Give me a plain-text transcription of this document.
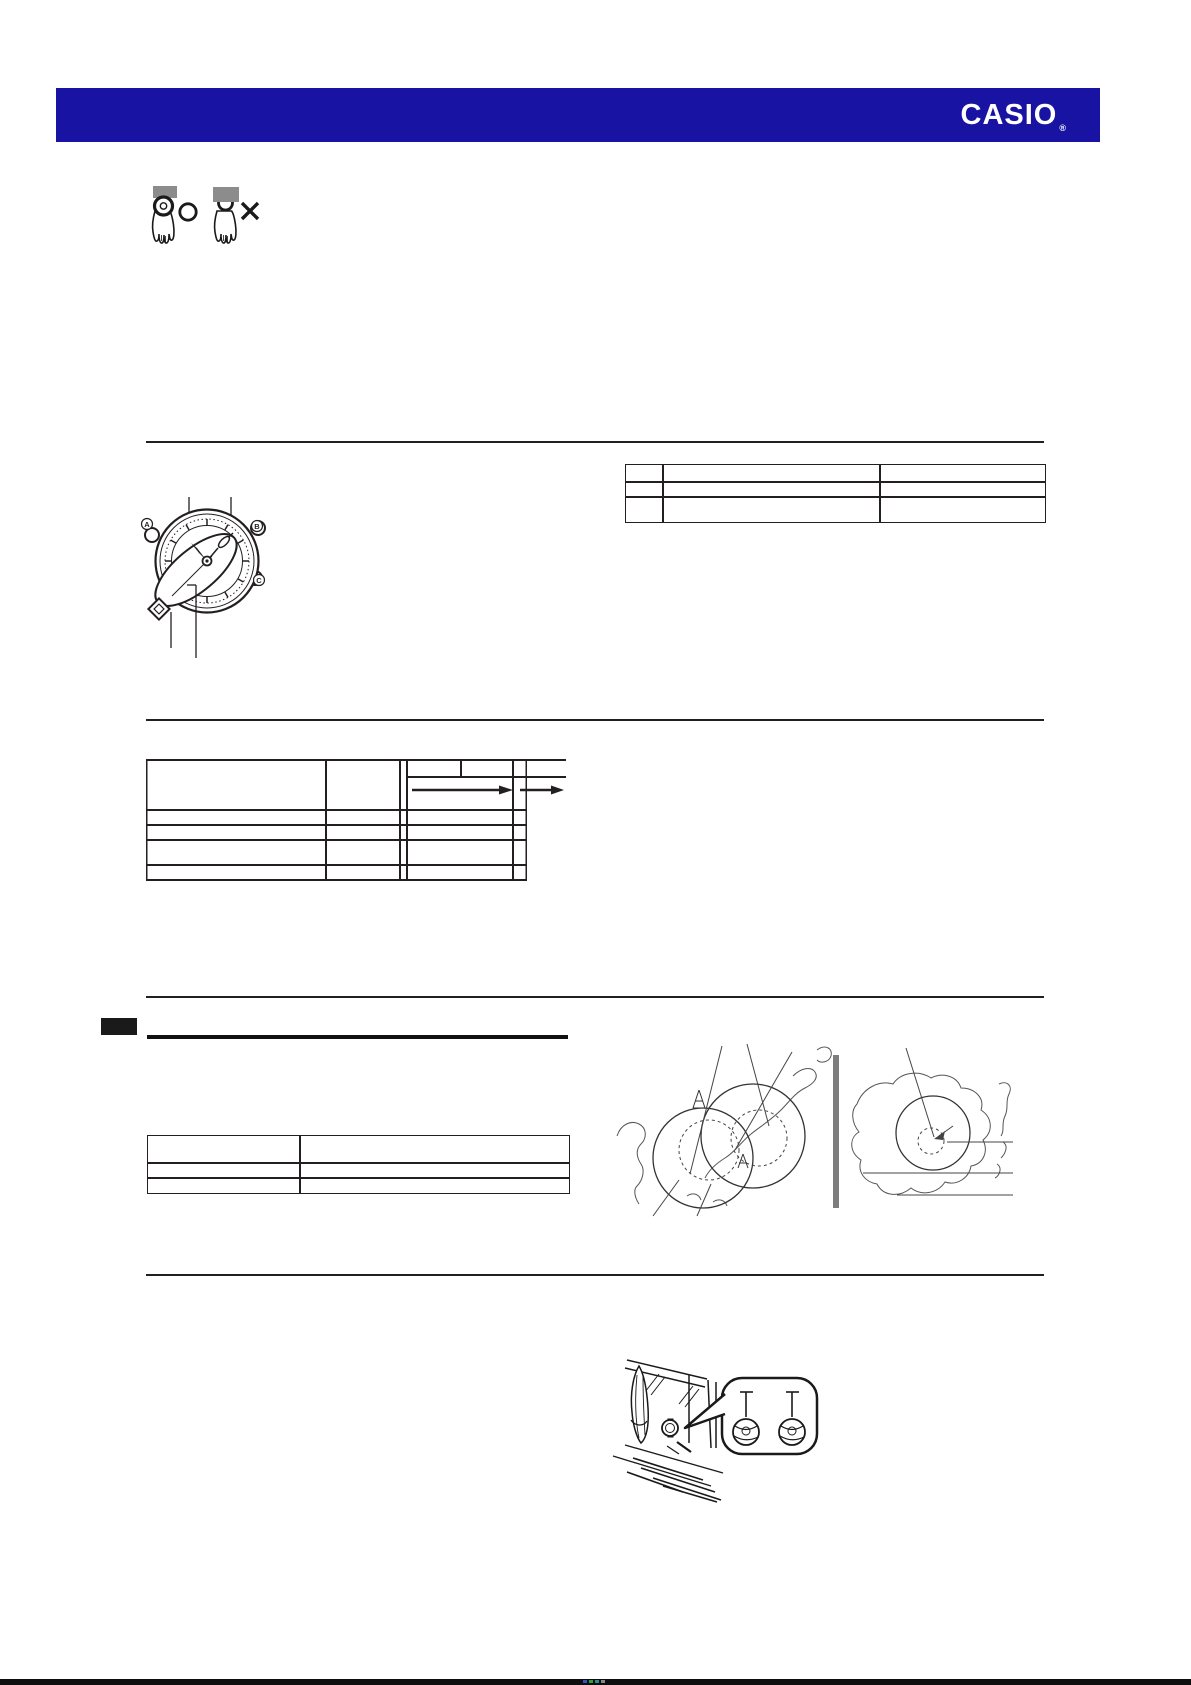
CASIO $_®$
A	B
C
